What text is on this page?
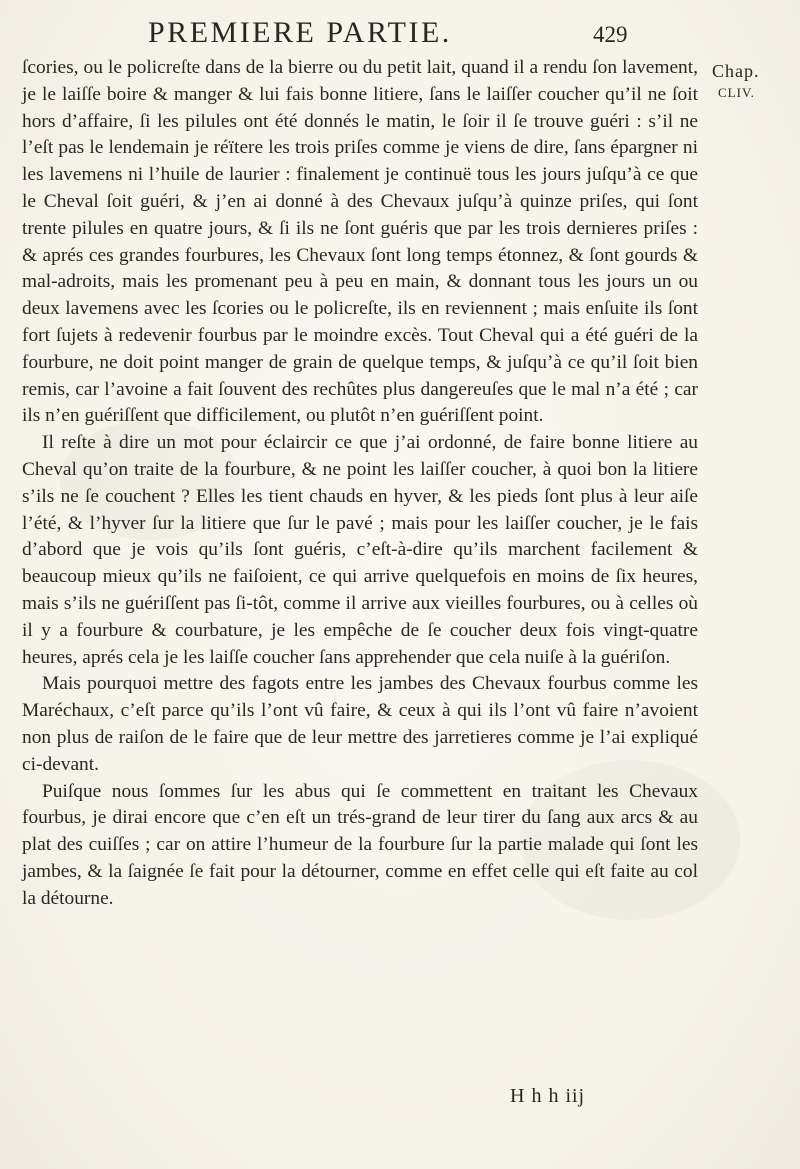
PREMIERE PARTIE.	429
Chap.
CLIV.

ſcories, ou le policreſte dans de la bierre ou du petit lait, quand il a rendu ſon lavement, je le laiſſe boire & manger & lui fais bonne litiere, ſans le laiſſer coucher qu’il ne ſoit hors d’affaire, ſi les pilules ont été donnés le matin, le ſoir il ſe trouve guéri : s’il ne l’eſt pas le lendemain je réïtere les trois priſes comme je viens de dire, ſans épargner ni les lavemens ni l’huile de laurier : finalement je continuë tous les jours juſqu’à ce que le Cheval ſoit guéri, & j’en ai donné à des Chevaux juſqu’à quinze priſes, qui ſont trente pilules en quatre jours, & ſi ils ne ſont guéris que par les trois dernieres priſes : & aprés ces grandes fourbures, les Chevaux ſont long temps étonnez, & ſont gourds & mal-adroits, mais les promenant peu à peu en main, & donnant tous les jours un ou deux lavemens avec les ſcories ou le policreſte, ils en reviennent ; mais enſuite ils ſont fort ſujets à redevenir fourbus par le moindre excès. Tout Cheval qui a été guéri de la fourbure, ne doit point manger de grain de quelque temps, & juſqu’à ce qu’il ſoit bien remis, car l’avoine a fait ſouvent des rechûtes plus dangereuſes que le mal n’a été ; car ils n’en guériſſent que difficilement, ou plutôt n’en guériſſent point.

Il reſte à dire un mot pour éclaircir ce que j’ai ordonné, de faire bonne litiere au Cheval qu’on traite de la fourbure, & ne point les laiſſer coucher, à quoi bon la litiere s’ils ne ſe couchent ? Elles les tient chauds en hyver, & les pieds ſont plus à leur aiſe l’été, & l’hyver ſur la litiere que ſur le pavé ; mais pour les laiſſer coucher, je le fais d’abord que je vois qu’ils ſont guéris, c’eſt-à-dire qu’ils marchent facilement & beaucoup mieux qu’ils ne faiſoient, ce qui arrive quelquefois en moins de ſix heures, mais s’ils ne guériſſent pas ſi-tôt, comme il arrive aux vieilles fourbures, ou à celles où il y a fourbure & courbature, je les empêche de ſe coucher deux fois vingt-quatre heures, aprés cela je les laiſſe coucher ſans apprehender que cela nuiſe à la guériſon.

Mais pourquoi mettre des fagots entre les jambes des Chevaux fourbus comme les Maréchaux, c’eſt parce qu’ils l’ont vû faire, & ceux à qui ils l’ont vû faire n’avoient non plus de raiſon de le faire que de leur mettre des jarretieres comme je l’ai expliqué ci-devant.

Puiſque nous ſommes ſur les abus qui ſe commettent en traitant les Chevaux fourbus, je dirai encore que c’en eſt un trés-grand de leur tirer du ſang aux arcs & au plat des cuiſſes ; car on attire l’humeur de la fourbure ſur la partie malade qui ſont les jambes, & la ſaignée ſe fait pour la détourner, comme en effet celle qui eſt faite au col la détourne.

H h h iij
